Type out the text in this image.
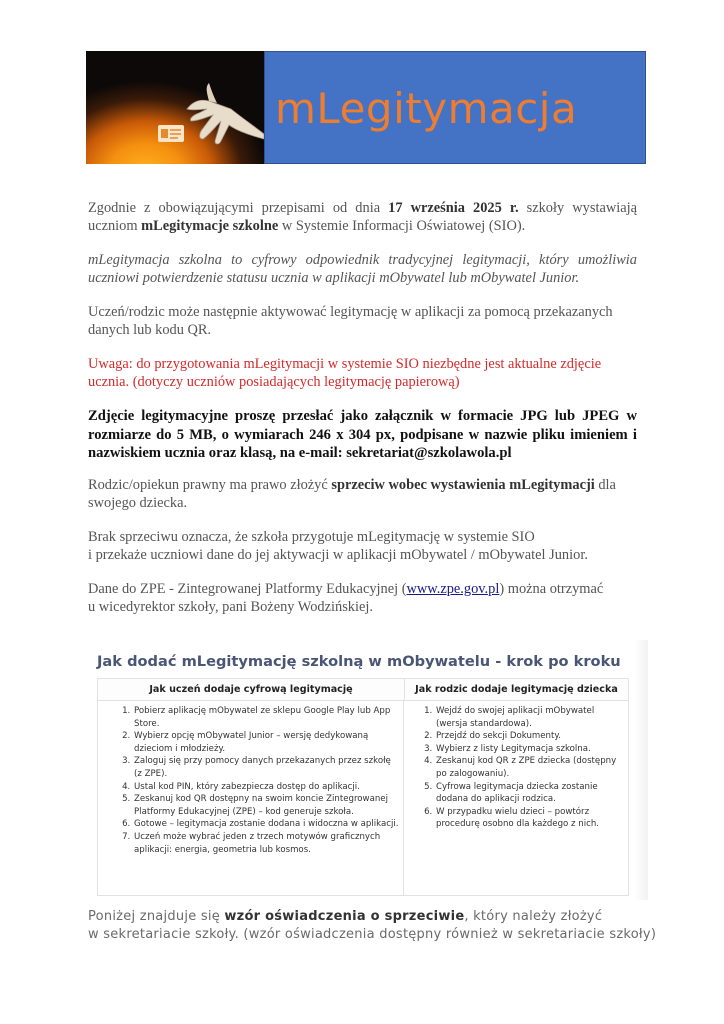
mLegitymacja
Zgodnie z obowiązującymi przepisami od dnia 17 września 2025 r. szkoły wystawiają uczniom mLegitymacje szkolne w Systemie Informacji Oświatowej (SIO).
mLegitymacja szkolna to cyfrowy odpowiednik tradycyjnej legitymacji, który umożliwia uczniowi potwierdzenie statusu ucznia w aplikacji mObywatel lub mObywatel Junior.
Uczeń/rodzic może następnie aktywować legitymację w aplikacji za pomocą przekazanych
danych lub kodu QR.
Uwaga: do przygotowania mLegitymacji w systemie SIO niezbędne jest aktualne zdjęcie
ucznia. (dotyczy uczniów posiadających legitymację papierową)
Zdjęcie legitymacyjne proszę przesłać jako załącznik w formacie JPG lub JPEG w rozmiarze do 5 MB, o wymiarach 246 x 304 px, podpisane w nazwie pliku imieniem i nazwiskiem ucznia oraz klasą, na e-mail: sekretariat@szkolawola.pl
Rodzic/opiekun prawny ma prawo złożyć sprzeciw wobec wystawienia mLegitymacji dla
swojego dziecka.
Brak sprzeciwu oznacza, że szkoła przygotuje mLegitymację w systemie SIO
i przekaże uczniowi dane do jej aktywacji w aplikacji mObywatel / mObywatel Junior.
Dane do ZPE - Zintegrowanej Platformy Edukacyjnej (www.zpe.gov.pl) można otrzymać
u wicedyrektor szkoły, pani Bożeny Wodzińskiej.
Jak dodać mLegitymację szkolną w mObywatelu - krok po kroku
Jak uczeń dodaje cyfrową legitymację	Jak rodzic dodaje legitymację dziecka
1. Pobierz aplikację mObywatel ze sklepu Google Play lub App Store.
2. Wybierz opcję mObywatel Junior – wersję dedykowaną dzieciom i młodzieży.
3. Zaloguj się przy pomocy danych przekazanych przez szkołę (z ZPE).
4. Ustal kod PIN, który zabezpiecza dostęp do aplikacji.
5. Zeskanuj kod QR dostępny na swoim koncie Zintegrowanej Platformy Edukacyjnej (ZPE) – kod generuje szkoła.
6. Gotowe – legitymacja zostanie dodana i widoczna w aplikacji.
7. Uczeń może wybrać jeden z trzech motywów graficznych aplikacji: energia, geometria lub kosmos.
1. Wejdź do swojej aplikacji mObywatel (wersja standardowa).
2. Przejdź do sekcji Dokumenty.
3. Wybierz z listy Legitymacja szkolna.
4. Zeskanuj kod QR z ZPE dziecka (dostępny po zalogowaniu).
5. Cyfrowa legitymacja dziecka zostanie dodana do aplikacji rodzica.
6. W przypadku wielu dzieci – powtórz procedurę osobno dla każdego z nich.
Poniżej znajduje się wzór oświadczenia o sprzeciwie, który należy złożyć
w sekretariacie szkoły. (wzór oświadczenia dostępny również w sekretariacie szkoły)
